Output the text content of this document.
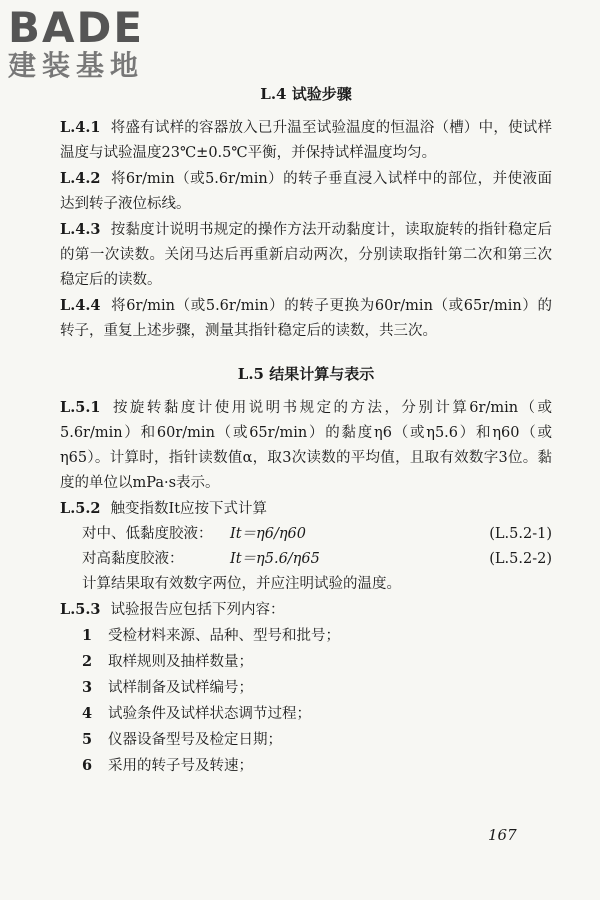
BADE
建装基地
L.4 试验步骤

L.4.1 将盛有试样的容器放入已升温至试验温度的恒温浴（槽）中，使试样温度与试验温度23℃±0.5℃平衡，并保持试样温度均匀。

L.4.2 将6r/min（或5.6r/min）的转子垂直浸入试样中的部位，并使液面达到转子液位标线。

L.4.3 按黏度计说明书规定的操作方法开动黏度计，读取旋转的指针稳定后的第一次读数。关闭马达后再重新启动两次，分别读取指针第二次和第三次稳定后的读数。

L.4.4 将6r/min（或5.6r/min）的转子更换为60r/min（或65r/min）的转子，重复上述步骤，测量其指针稳定后的读数，共三次。

L.5 结果计算与表示

L.5.1 按旋转黏度计使用说明书规定的方法，分别计算6r/min（或5.6r/min）和60r/min（或65r/min）的黏度η6（或η5.6）和η60（或η65）。计算时，指针读数值α，取3次读数的平均值，且取有效数字3位。黏度的单位以mPa·s表示。

L.5.2 触变指数It应按下式计算

对中、低黏度胶液： It＝η6/η60	(L.5.2-1)
对高黏度胶液：	It＝η5.6/η65	(L.5.2-2)

计算结果取有效数字两位，并应注明试验的温度。

L.5.3 试验报告应包括下列内容：

1 受检材料来源、品种、型号和批号；

2 取样规则及抽样数量；

3 试样制备及试样编号；

4 试验条件及试样状态调节过程；

5 仪器设备型号及检定日期；

6 采用的转子号及转速；

167
